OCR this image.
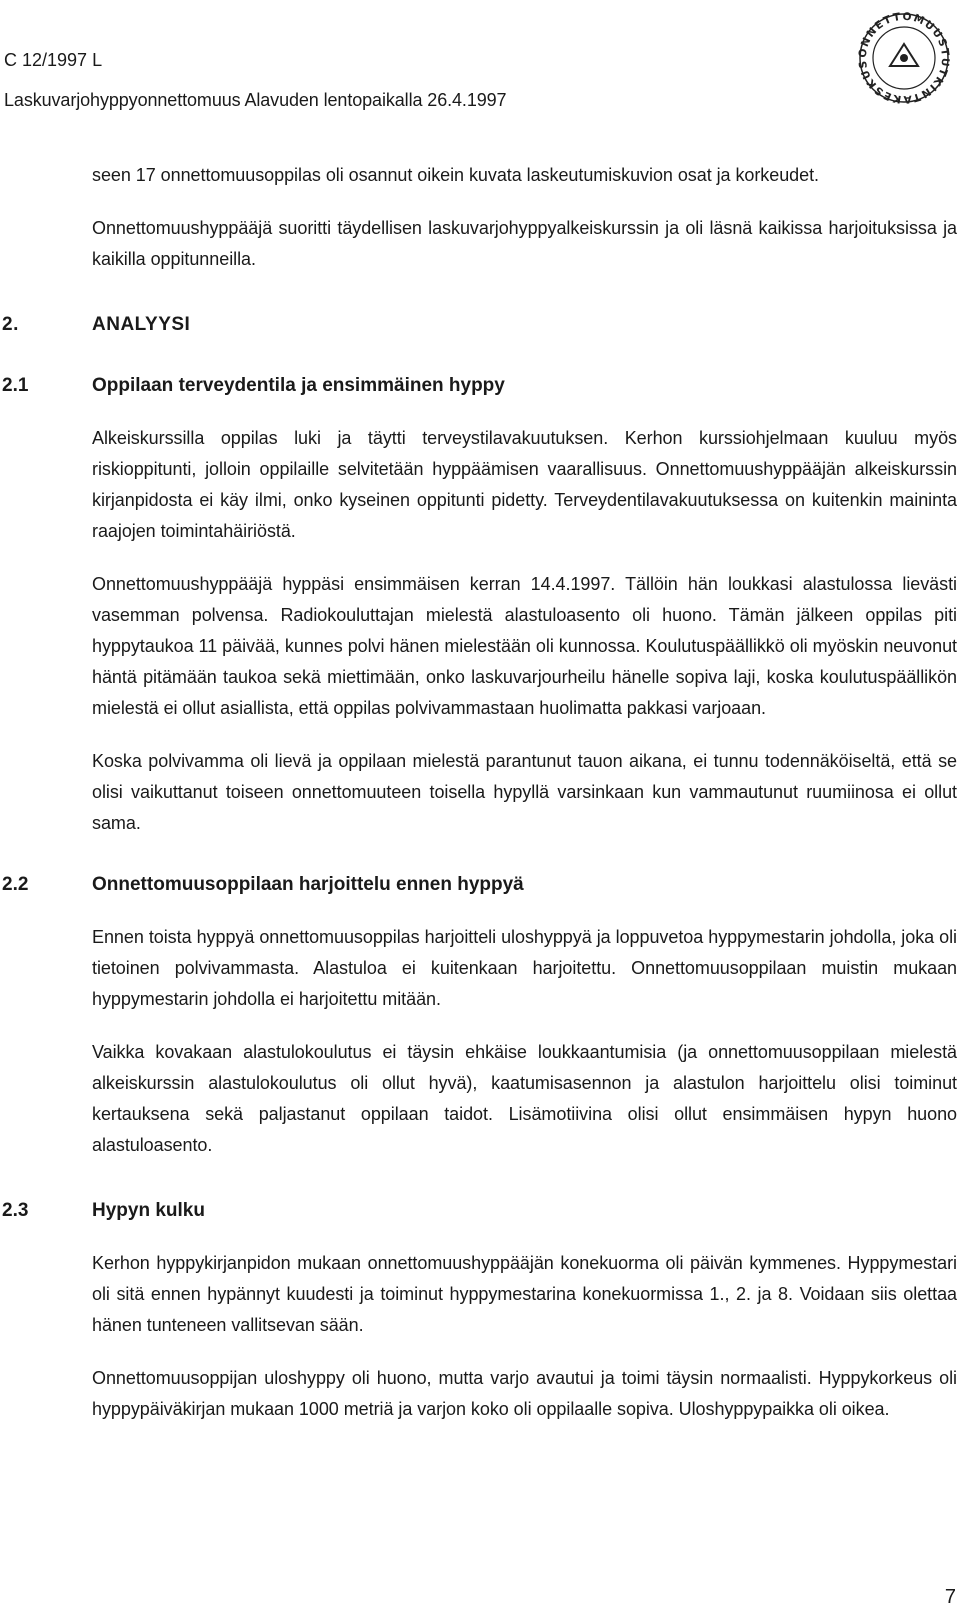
C 12/1997 L
Laskuvarjohyppyonnettomuus Alavuden lentopaikalla 26.4.1997
ONNETTOMUUSTUTKINTAKESKUS

seen 17 onnettomuusoppilas oli osannut oikein kuvata laskeutumiskuvion osat ja korkeudet.

Onnettomuushyppääjä suoritti täydellisen laskuvarjohyppyalkeiskurssin ja oli läsnä kaikissa harjoituksissa ja kaikilla oppitunneilla.

2.	ANALYYSI
2.1	Oppilaan terveydentila ja ensimmäinen hyppy

Alkeiskurssilla oppilas luki ja täytti terveystilavakuutuksen. Kerhon kurssiohjelmaan kuuluu myös riskioppitunti, jolloin oppilaille selvitetään hyppäämisen vaarallisuus. Onnettomuushyppääjän alkeiskurssin kirjanpidosta ei käy ilmi, onko kyseinen oppitunti pidetty. Terveydentilavakuutuksessa on kuitenkin maininta raajojen toimintahäiriöstä.

Onnettomuushyppääjä hyppäsi ensimmäisen kerran 14.4.1997. Tällöin hän loukkasi alastulossa lievästi vasemman polvensa. Radiokouluttajan mielestä alastuloasento oli huono. Tämän jälkeen oppilas piti hyppytaukoa 11 päivää, kunnes polvi hänen mielestään oli kunnossa. Koulutuspäällikkö oli myöskin neuvonut häntä pitämään taukoa sekä miettimään, onko laskuvarjourheilu hänelle sopiva laji, koska koulutuspäällikön mielestä ei ollut asiallista, että oppilas polvivammastaan huolimatta pakkasi varjoaan.

Koska polvivamma oli lievä ja oppilaan mielestä parantunut tauon aikana, ei tunnu todennäköiseltä, että se olisi vaikuttanut toiseen onnettomuuteen toisella hypyllä varsinkaan kun vammautunut ruumiinosa ei ollut sama.

2.2	Onnettomuusoppilaan harjoittelu ennen hyppyä

Ennen toista hyppyä onnettomuusoppilas harjoitteli uloshyppyä ja loppuvetoa hyppymestarin johdolla, joka oli tietoinen polvivammasta. Alastuloa ei kuitenkaan harjoitettu. Onnettomuusoppilaan muistin mukaan hyppymestarin johdolla ei harjoitettu mitään.

Vaikka kovakaan alastulokoulutus ei täysin ehkäise loukkaantumisia (ja onnettomuusoppilaan mielestä alkeiskurssin alastulokoulutus oli ollut hyvä), kaatumisasennon ja alastulon harjoittelu olisi toiminut kertauksena sekä paljastanut oppilaan taidot. Lisämotiivina olisi ollut ensimmäisen hypyn huono alastuloasento.

2.3	Hypyn kulku

Kerhon hyppykirjanpidon mukaan onnettomuushyppääjän konekuorma oli päivän kymmenes. Hyppymestari oli sitä ennen hypännyt kuudesti ja toiminut hyppymestarina konekuormissa 1., 2. ja 8. Voidaan siis olettaa hänen tunteneen vallitsevan sään.

Onnettomuusoppijan uloshyppy oli huono, mutta varjo avautui ja toimi täysin normaalisti. Hyppykorkeus oli hyppypäiväkirjan mukaan 1000 metriä ja varjon koko oli oppilaalle sopiva. Uloshyppypaikka oli oikea.

7
